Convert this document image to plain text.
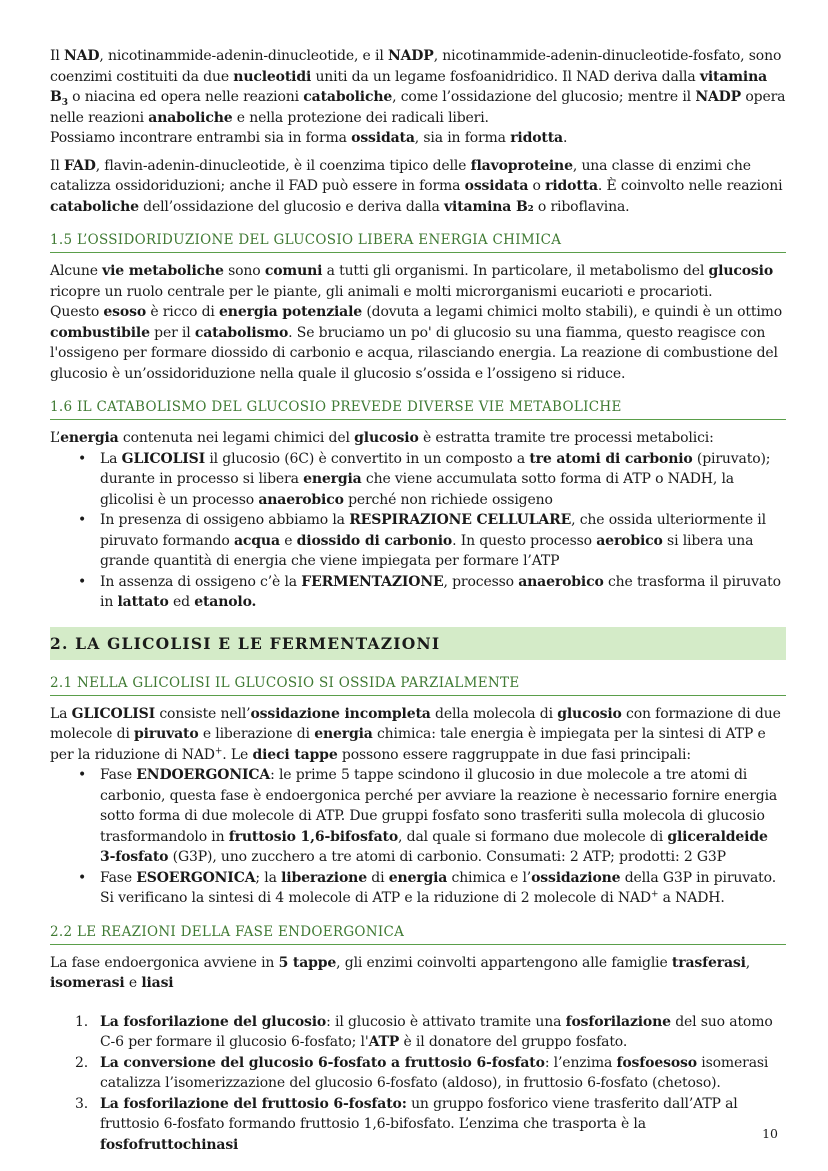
Il NAD, nicotinammide-adenin-dinucleotide, e il NADP, nicotinammide-adenin-dinucleotide-fosfato, sono coenzimi costituiti da due nucleotidi uniti da un legame fosfoanidridico. Il NAD deriva dalla vitamina $B_3$ o niacina ed opera nelle reazioni cataboliche, come l’ossidazione del glucosio; mentre il NADP opera nelle reazioni anaboliche e nella protezione dei radicali liberi.
Possiamo incontrare entrambi sia in forma ossidata, sia in forma ridotta.

Il FAD, flavin-adenin-dinucleotide, è il coenzima tipico delle flavoproteine, una classe di enzimi che catalizza ossidoriduzioni; anche il FAD può essere in forma ossidata o ridotta. È coinvolto nelle reazioni cataboliche dell’ossidazione del glucosio e deriva dalla vitamina B₂ o riboflavina.

1.5 L’OSSIDORIDUZIONE DEL GLUCOSIO LIBERA ENERGIA CHIMICA

Alcune vie metaboliche sono comuni a tutti gli organismi. In particolare, il metabolismo del glucosio ricopre un ruolo centrale per le piante, gli animali e molti microrganismi eucarioti e procarioti.
Questo esoso è ricco di energia potenziale (dovuta a legami chimici molto stabili), e quindi è un ottimo combustibile per il catabolismo. Se bruciamo un po' di glucosio su una fiamma, questo reagisce con l'ossigeno per formare diossido di carbonio e acqua, rilasciando energia. La reazione di combustione del glucosio è un’ossidoriduzione nella quale il glucosio s’ossida e l’ossigeno si riduce.

1.6 IL CATABOLISMO DEL GLUCOSIO PREVEDE DIVERSE VIE METABOLICHE

L’energia contenuta nei legami chimici del glucosio è estratta tramite tre processi metabolici:

• La GLICOLISI il glucosio (6C) è convertito in un composto a tre atomi di carbonio (piruvato); durante in processo si libera energia che viene accumulata sotto forma di ATP o NADH, la glicolisi è un processo anaerobico perché non richiede ossigeno
• In presenza di ossigeno abbiamo la RESPIRAZIONE CELLULARE, che ossida ulteriormente il piruvato formando acqua e diossido di carbonio. In questo processo aerobico si libera una grande quantità di energia che viene impiegata per formare l’ATP
• In assenza di ossigeno c’è la FERMENTAZIONE, processo anaerobico che trasforma il piruvato in lattato ed etanolo.
2. LA GLICOLISI E LE FERMENTAZIONI
2.1 NELLA GLICOLISI IL GLUCOSIO SI OSSIDA PARZIALMENTE

La GLICOLISI consiste nell’ossidazione incompleta della molecola di glucosio con formazione di due molecole di piruvato e liberazione di energia chimica: tale energia è impiegata per la sintesi di ATP e per la riduzione di NAD+. Le dieci tappe possono essere raggruppate in due fasi principali:

• Fase ENDOERGONICA: le prime 5 tappe scindono il glucosio in due molecole a tre atomi di carbonio, questa fase è endoergonica perché per avviare la reazione è necessario fornire energia sotto forma di due molecole di ATP. Due gruppi fosfato sono trasferiti sulla molecola di glucosio trasformandolo in fruttosio 1,6-bifosfato, dal quale si formano due molecole di gliceraldeide 3-fosfato (G3P), uno zucchero a tre atomi di carbonio. Consumati: 2 ATP; prodotti: 2 G3P
• Fase ESOERGONICA; la liberazione di energia chimica e l’ossidazione della G3P in piruvato. Si verificano la sintesi di 4 molecole di ATP e la riduzione di 2 molecole di NAD+ a NADH.
2.2 LE REAZIONI DELLA FASE ENDOERGONICA

La fase endoergonica avviene in 5 tappe, gli enzimi coinvolti appartengono alle famiglie trasferasi, isomerasi e liasi

1. La fosforilazione del glucosio: il glucosio è attivato tramite una fosforilazione del suo atomo C-6 per formare il glucosio 6-fosfato; l'ATP è il donatore del gruppo fosfato.
2. La conversione del glucosio 6-fosfato a fruttosio 6-fosfato: l’enzima fosfoesoso isomerasi catalizza l’isomerizzazione del glucosio 6-fosfato (aldoso), in fruttosio 6-fosfato (chetoso).
3. La fosforilazione del fruttosio 6-fosfato: un gruppo fosforico viene trasferito dall’ATP al fruttosio 6-fosfato formando fruttosio 1,6-bifosfato. L’enzima che trasporta è la fosfofruttochinasi
10
